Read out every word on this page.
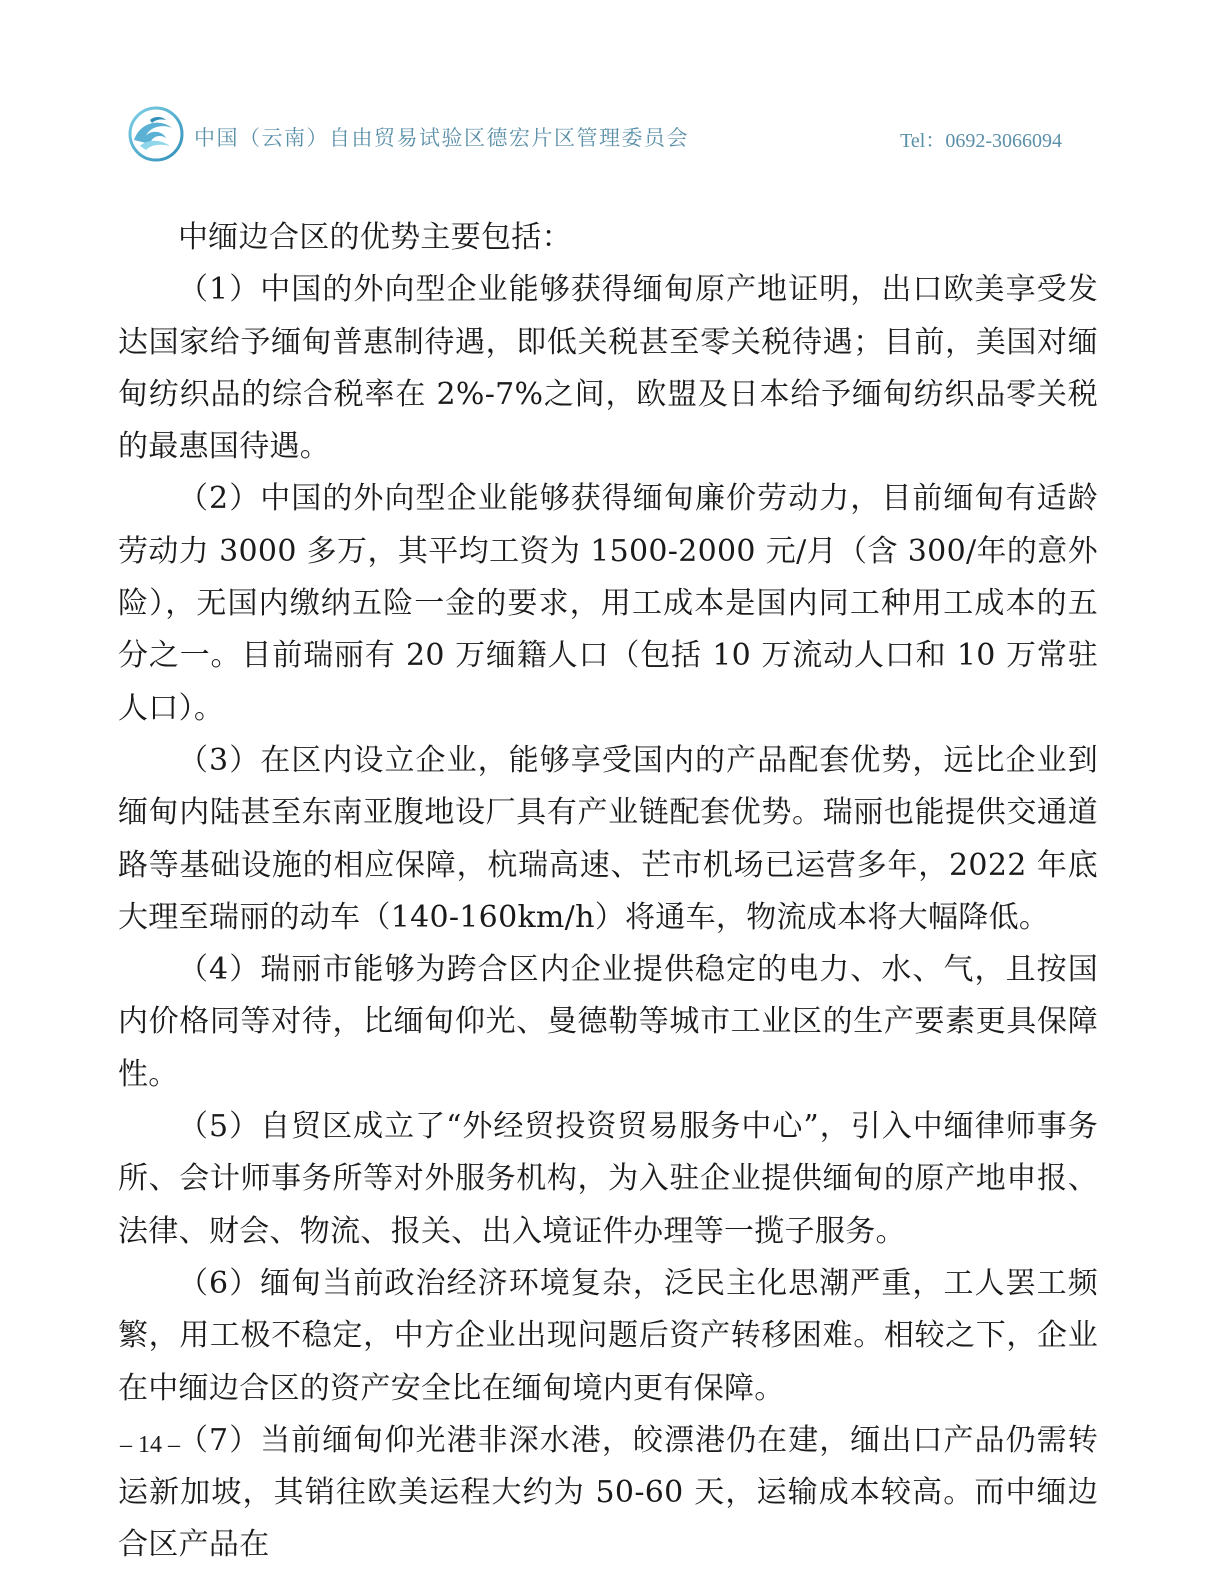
中国（云南）自由贸易试验区德宏片区管理委员会	Tel：0692-3066094

中缅边合区的优势主要包括：

（1）中国的外向型企业能够获得缅甸原产地证明，出口欧美享受发达国家给予缅甸普惠制待遇，即低关税甚至零关税待遇；目前，美国对缅甸纺织品的综合税率在 2%-7%之间，欧盟及日本给予缅甸纺织品零关税的最惠国待遇。

（2）中国的外向型企业能够获得缅甸廉价劳动力，目前缅甸有适龄劳动力 3000 多万，其平均工资为 1500-2000 元/月（含 300/年的意外险），无国内缴纳五险一金的要求，用工成本是国内同工种用工成本的五分之一。目前瑞丽有 20 万缅籍人口（包括 10 万流动人口和 10 万常驻人口）。

（3）在区内设立企业，能够享受国内的产品配套优势，远比企业到缅甸内陆甚至东南亚腹地设厂具有产业链配套优势。瑞丽也能提供交通道路等基础设施的相应保障，杭瑞高速、芒市机场已运营多年，2022 年底大理至瑞丽的动车（140-160km/h）将通车，物流成本将大幅降低。

（4）瑞丽市能够为跨合区内企业提供稳定的电力、水、气，且按国内价格同等对待，比缅甸仰光、曼德勒等城市工业区的生产要素更具保障性。

（5）自贸区成立了“外经贸投资贸易服务中心”，引入中缅律师事务所、会计师事务所等对外服务机构，为入驻企业提供缅甸的原产地申报、法律、财会、物流、报关、出入境证件办理等一揽子服务。

（6）缅甸当前政治经济环境复杂，泛民主化思潮严重，工人罢工频繁，用工极不稳定，中方企业出现问题后资产转移困难。相较之下，企业在中缅边合区的资产安全比在缅甸境内更有保障。

（7）当前缅甸仰光港非深水港，皎漂港仍在建，缅出口产品仍需转运新加坡，其销往欧美运程大约为 50-60 天，运输成本较高。而中缅边合区产品在

– 14 –
